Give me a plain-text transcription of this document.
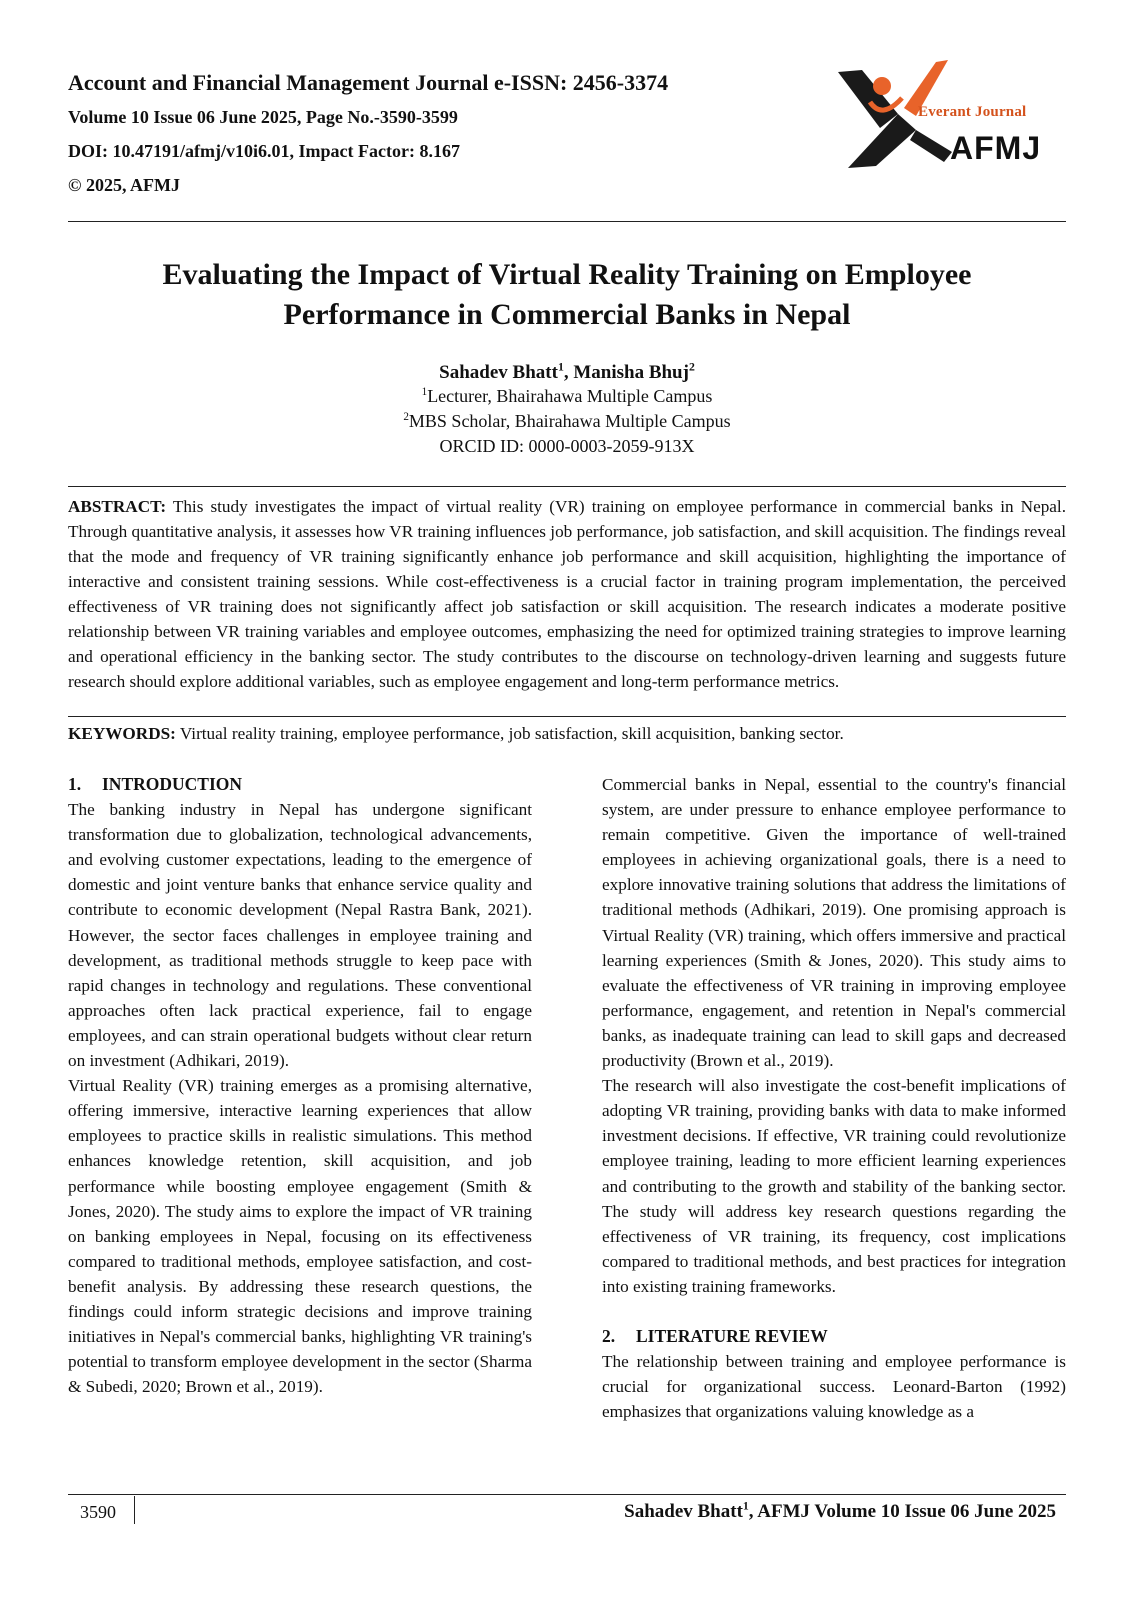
Account and Financial Management Journal e-ISSN: 2456-3374

Volume 10 Issue 06 June 2025, Page No.-3590-3599

DOI: 10.47191/afmj/v10i6.01, Impact Factor: 8.167

© 2025, AFMJ

Everant Journal
AFMJ
Evaluating the Impact of Virtual Reality Training on Employee
Performance in Commercial Banks in Nepal

Sahadev Bhatt$^1$, Manisha Bhuj$^2$

$^1$Lecturer, Bhairahawa Multiple Campus

$^2$MBS Scholar, Bhairahawa Multiple Campus

ORCID ID: 0000-0003-2059-913X

ABSTRACT: This study investigates the impact of virtual reality (VR) training on employee performance in commercial banks in Nepal. Through quantitative analysis, it assesses how VR training influences job performance, job satisfaction, and skill acquisition. The findings reveal that the mode and frequency of VR training significantly enhance job performance and skill acquisition, highlighting the importance of interactive and consistent training sessions. While cost-effectiveness is a crucial factor in training program implementation, the perceived effectiveness of VR training does not significantly affect job satisfaction or skill acquisition. The research indicates a moderate positive relationship between VR training variables and employee outcomes, emphasizing the need for optimized training strategies to improve learning and operational efficiency in the banking sector. The study contributes to the discourse on technology-driven learning and suggests future research should explore additional variables, such as employee engagement and long-term performance metrics.

KEYWORDS: Virtual reality training, employee performance, job satisfaction, skill acquisition, banking sector.

1. INTRODUCTION

The banking industry in Nepal has undergone significant transformation due to globalization, technological advancements, and evolving customer expectations, leading to the emergence of domestic and joint venture banks that enhance service quality and contribute to economic development (Nepal Rastra Bank, 2021). However, the sector faces challenges in employee training and development, as traditional methods struggle to keep pace with rapid changes in technology and regulations. These conventional approaches often lack practical experience, fail to engage employees, and can strain operational budgets without clear return on investment (Adhikari, 2019).

Virtual Reality (VR) training emerges as a promising alternative, offering immersive, interactive learning experiences that allow employees to practice skills in realistic simulations. This method enhances knowledge retention, skill acquisition, and job performance while boosting employee engagement (Smith & Jones, 2020). The study aims to explore the impact of VR training on banking employees in Nepal, focusing on its effectiveness compared to traditional methods, employee satisfaction, and cost-benefit analysis. By addressing these research questions, the findings could inform strategic decisions and improve training initiatives in Nepal's commercial banks, highlighting VR training's potential to transform employee development in the sector (Sharma & Subedi, 2020; Brown et al., 2019).

Commercial banks in Nepal, essential to the country's financial system, are under pressure to enhance employee performance to remain competitive. Given the importance of well-trained employees in achieving organizational goals, there is a need to explore innovative training solutions that address the limitations of traditional methods (Adhikari, 2019). One promising approach is Virtual Reality (VR) training, which offers immersive and practical learning experiences (Smith & Jones, 2020). This study aims to evaluate the effectiveness of VR training in improving employee performance, engagement, and retention in Nepal's commercial banks, as inadequate training can lead to skill gaps and decreased productivity (Brown et al., 2019).

The research will also investigate the cost-benefit implications of adopting VR training, providing banks with data to make informed investment decisions. If effective, VR training could revolutionize employee training, leading to more efficient learning experiences and contributing to the growth and stability of the banking sector. The study will address key research questions regarding the effectiveness of VR training, its frequency, cost implications compared to traditional methods, and best practices for integration into existing training frameworks.

2. LITERATURE REVIEW

The relationship between training and employee performance is crucial for organizational success. Leonard-Barton (1992) emphasizes that organizations valuing knowledge as a

3590	Sahadev Bhatt$^1$, AFMJ Volume 10 Issue 06 June 2025
